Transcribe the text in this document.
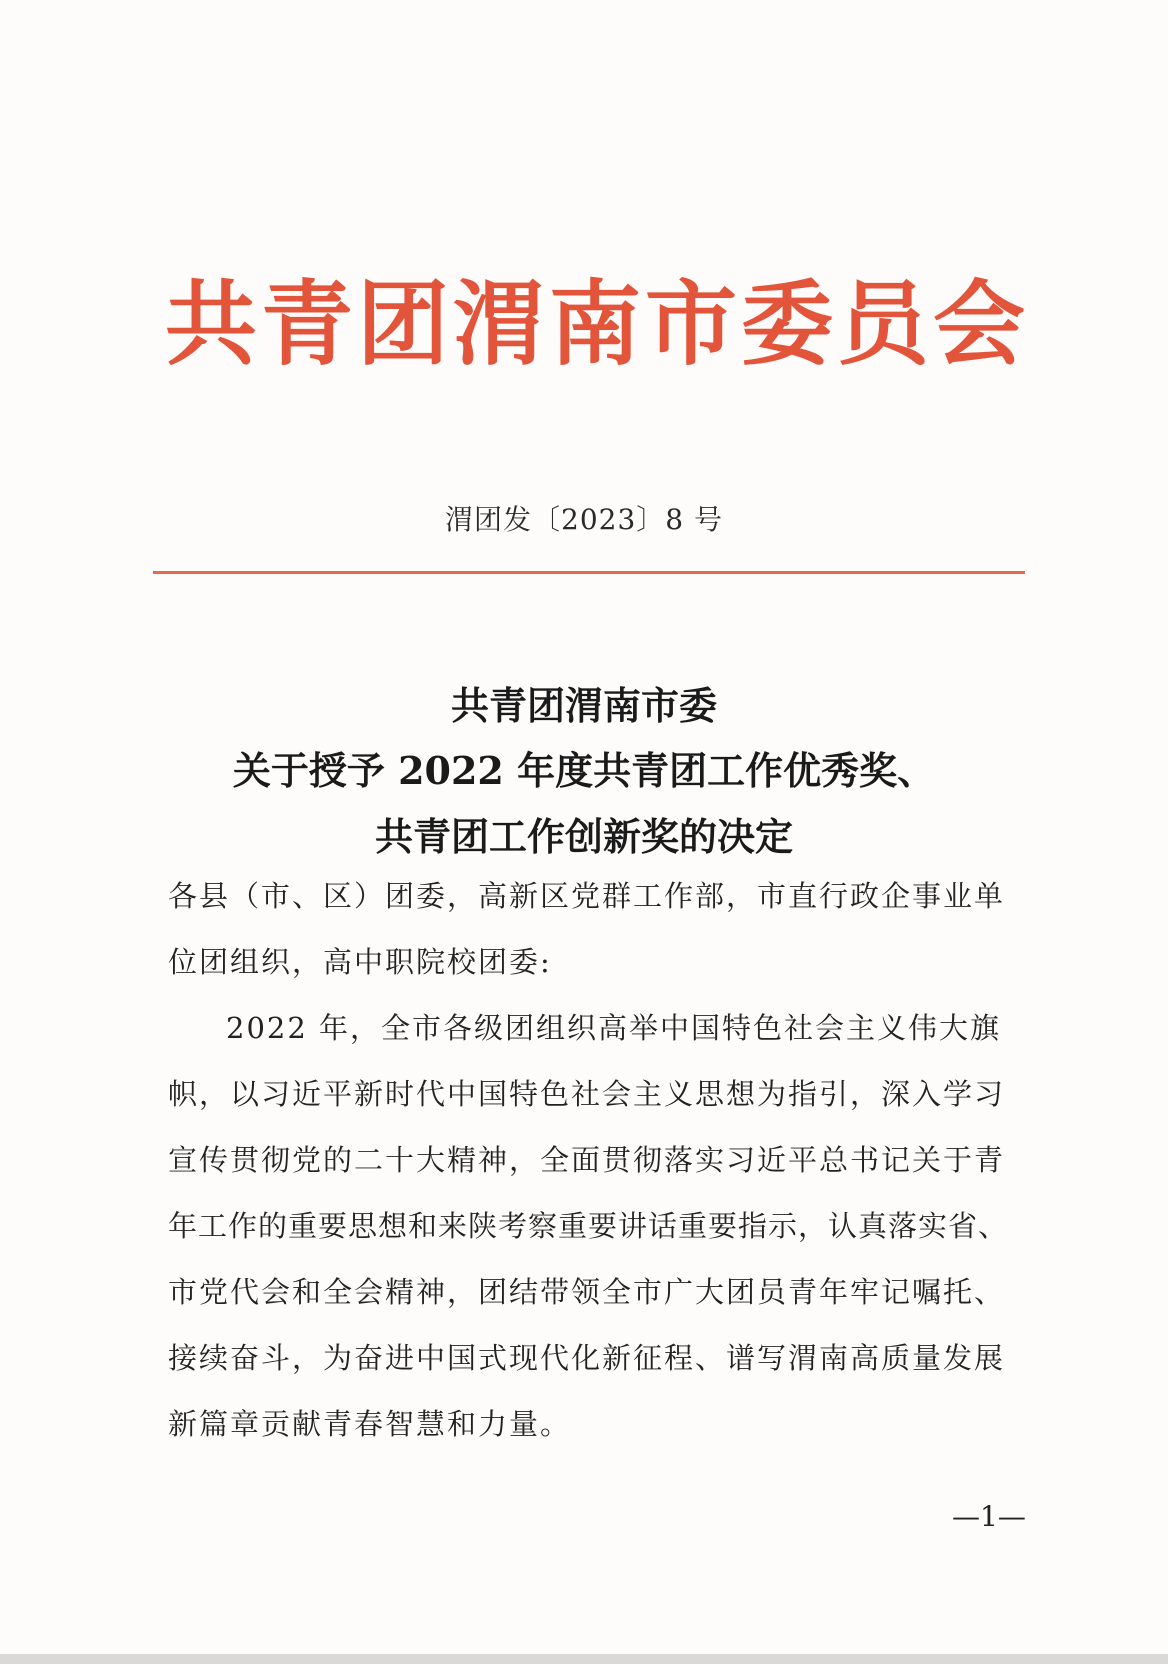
共青团渭南市委员会
渭团发〔2023〕8 号
共青团渭南市委
关于授予 2022 年度共青团工作优秀奖、
共青团工作创新奖的决定
各县（市、区）团委，高新区党群工作部，市直行政企事业单
位团组织，高中职院校团委:
2022 年，全市各级团组织高举中国特色社会主义伟大旗
帜，以习近平新时代中国特色社会主义思想为指引，深入学习
宣传贯彻党的二十大精神，全面贯彻落实习近平总书记关于青
年工作的重要思想和来陕考察重要讲话重要指示，认真落实省、
市党代会和全会精神，团结带领全市广大团员青年牢记嘱托、
接续奋斗，为奋进中国式现代化新征程、谱写渭南高质量发展
新篇章贡献青春智慧和力量。
—1—
